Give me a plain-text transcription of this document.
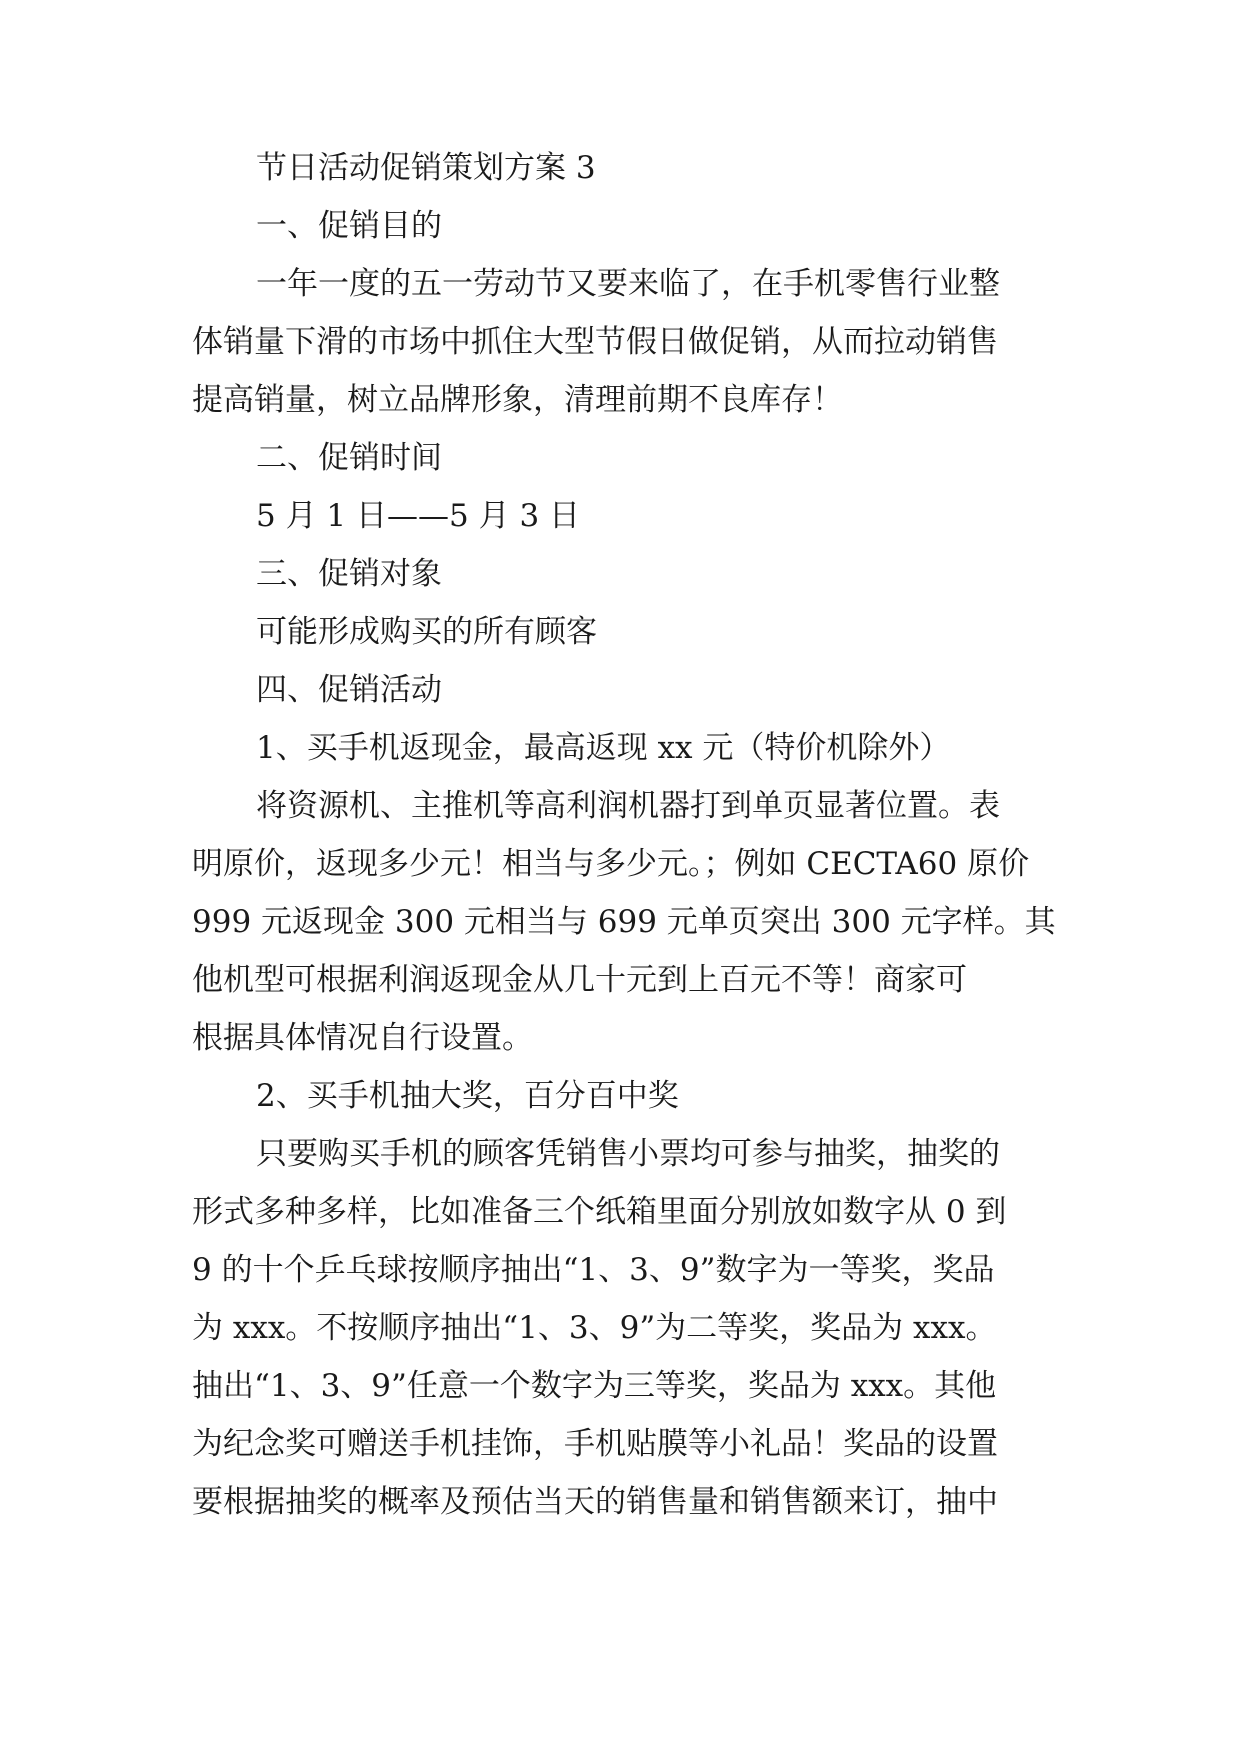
节日活动促销策划方案 3
一、促销目的
一年一度的五一劳动节又要来临了，在手机零售行业整
体销量下滑的市场中抓住大型节假日做促销，从而拉动销售
提高销量，树立品牌形象，清理前期不良库存！
二、促销时间
5 月 1 日——5 月 3 日
三、促销对象
可能形成购买的所有顾客
四、促销活动
1、买手机返现金，最高返现 xx 元（特价机除外）
将资源机、主推机等高利润机器打到单页显著位置。表
明原价，返现多少元！相当与多少元。；例如 CECTA60 原价
999 元返现金 300 元相当与 699 元单页突出 300 元字样。其
他机型可根据利润返现金从几十元到上百元不等！商家可
根据具体情况自行设置。
2、买手机抽大奖，百分百中奖
只要购买手机的顾客凭销售小票均可参与抽奖，抽奖的
形式多种多样，比如准备三个纸箱里面分别放如数字从 0 到
9 的十个乒乓球按顺序抽出“1、3、9”数字为一等奖，奖品
为 xxx。不按顺序抽出“1、3、9”为二等奖，奖品为 xxx。
抽出“1、3、9”任意一个数字为三等奖，奖品为 xxx。其他
为纪念奖可赠送手机挂饰，手机贴膜等小礼品！奖品的设置
要根据抽奖的概率及预估当天的销售量和销售额来订，抽中
